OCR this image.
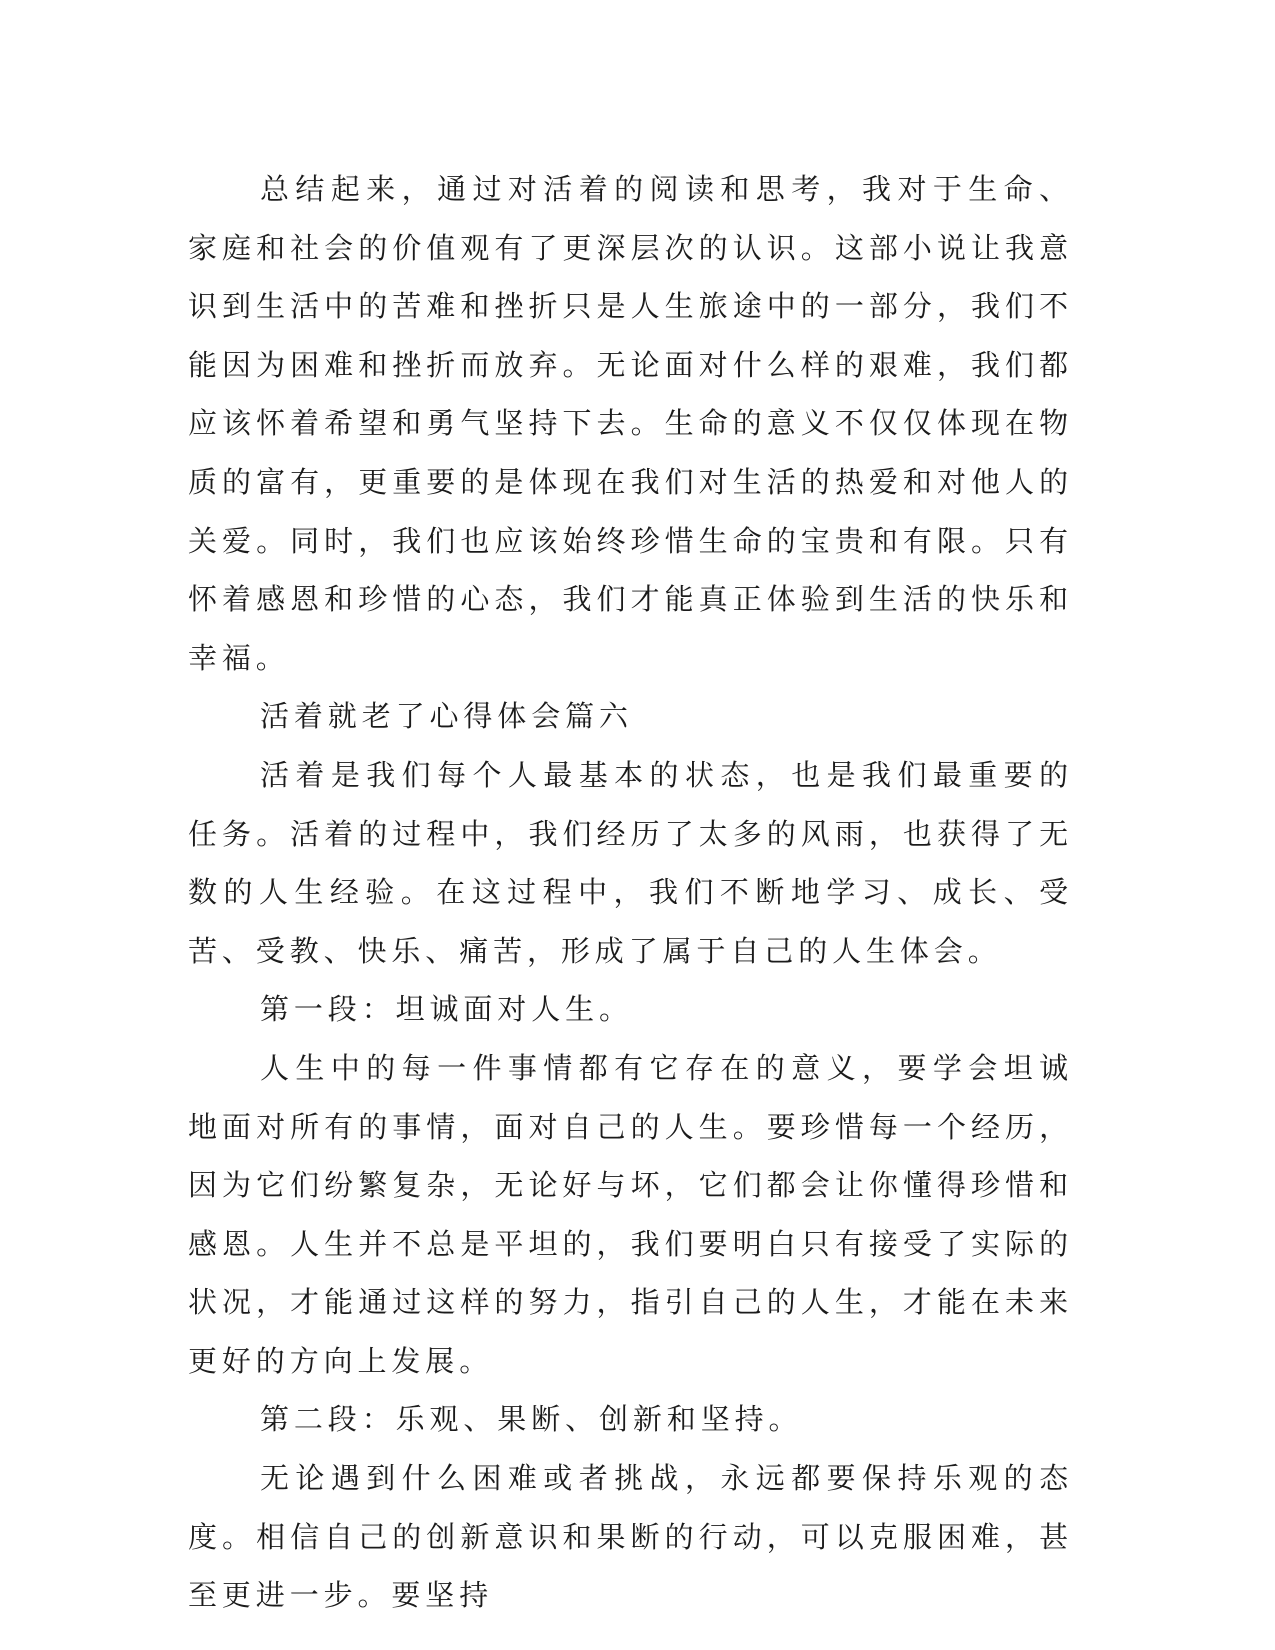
总结起来，通过对活着的阅读和思考，我对于生命、家庭和社会的价值观有了更深层次的认识。这部小说让我意识到生活中的苦难和挫折只是人生旅途中的一部分，我们不能因为困难和挫折而放弃。无论面对什么样的艰难，我们都应该怀着希望和勇气坚持下去。生命的意义不仅仅体现在物质的富有，更重要的是体现在我们对生活的热爱和对他人的关爱。同时，我们也应该始终珍惜生命的宝贵和有限。只有怀着感恩和珍惜的心态，我们才能真正体验到生活的快乐和幸福。

活着就老了心得体会篇六

活着是我们每个人最基本的状态，也是我们最重要的任务。活着的过程中，我们经历了太多的风雨，也获得了无数的人生经验。在这过程中，我们不断地学习、成长、受苦、受教、快乐、痛苦，形成了属于自己的人生体会。

第一段：坦诚面对人生。

人生中的每一件事情都有它存在的意义，要学会坦诚地面对所有的事情，面对自己的人生。要珍惜每一个经历，因为它们纷繁复杂，无论好与坏，它们都会让你懂得珍惜和感恩。人生并不总是平坦的，我们要明白只有接受了实际的状况，才能通过这样的努力，指引自己的人生，才能在未来更好的方向上发展。

第二段：乐观、果断、创新和坚持。

无论遇到什么困难或者挑战，永远都要保持乐观的态度。相信自己的创新意识和果断的行动，可以克服困难，甚至更进一步。要坚持
